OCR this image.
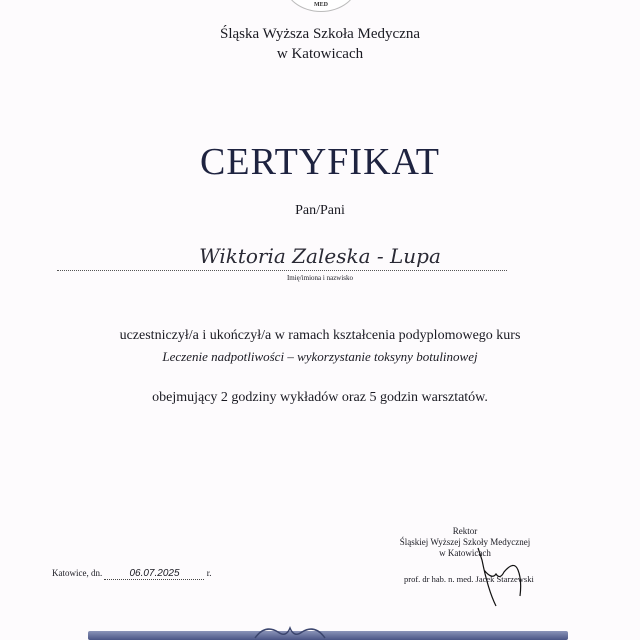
MED
Śląska Wyższa Szkoła Medyczna
w Katowicach
CERTYFIKAT
Pan/Pani
Wiktoria Zaleska - Lupa
Imię/imiona i nazwisko
uczestniczył/a i ukończył/a w ramach kształcenia podyplomowego kurs
Leczenie nadpotliwości – wykorzystanie toksyny botulinowej
obejmujący 2 godziny wykładów oraz 5 godzin warsztatów.
Rektor
Śląskiej Wyższej Szkoły Medycznej
w Katowicach
prof. dr hab. n. med. Jacek Starzewski
Katowice, dn.	06.07.2025	r.
